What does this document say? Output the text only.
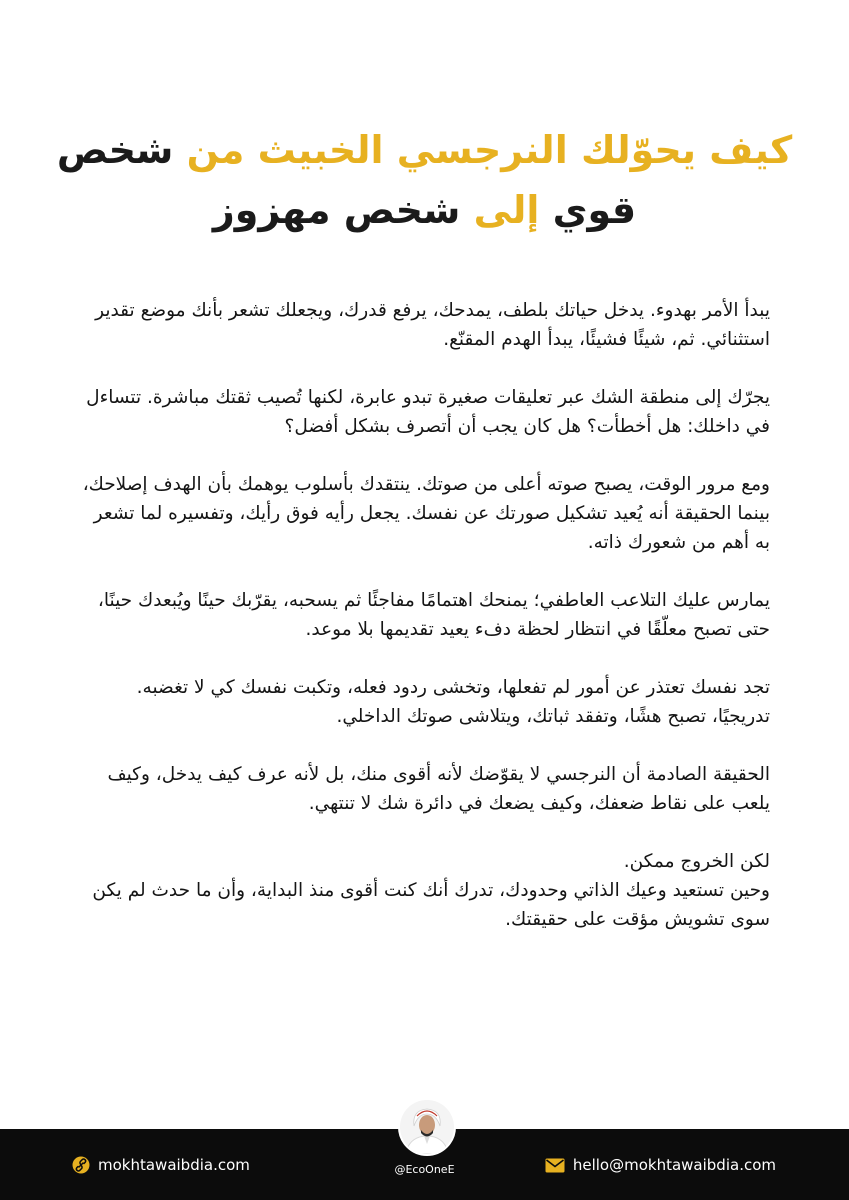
كيف يحوّلك النرجسي الخبيث من شخص
قوي إلى شخص مهزوز

يبدأ الأمر بهدوء. يدخل حياتك بلطف، يمدحك، يرفع قدرك، ويجعلك تشعر بأنك موضع تقدير استثنائي. ثم، شيئًا فشيئًا، يبدأ الهدم المقنّع.

يجرّك إلى منطقة الشك عبر تعليقات صغيرة تبدو عابرة، لكنها تُصيب ثقتك مباشرة. تتساءل في داخلك: هل أخطأت؟ هل كان يجب أن أتصرف بشكل أفضل؟

ومع مرور الوقت، يصبح صوته أعلى من صوتك. ينتقدك بأسلوب يوهمك بأن الهدف إصلاحك، بينما الحقيقة أنه يُعيد تشكيل صورتك عن نفسك. يجعل رأيه فوق رأيك، وتفسيره لما تشعر به أهم من شعورك ذاته.

يمارس عليك التلاعب العاطفي؛ يمنحك اهتمامًا مفاجئًا ثم يسحبه، يقرّبك حينًا ويُبعدك حينًا، حتى تصبح معلّقًا في انتظار لحظة دفء يعيد تقديمها بلا موعد.

تجد نفسك تعتذر عن أمور لم تفعلها، وتخشى ردود فعله، وتكبت نفسك كي لا تغضبه. تدريجيًا، تصبح هشًا، وتفقد ثباتك، ويتلاشى صوتك الداخلي.

الحقيقة الصادمة أن النرجسي لا يقوّضك لأنه أقوى منك، بل لأنه عرف كيف يدخل، وكيف يلعب على نقاط ضعفك، وكيف يضعك في دائرة شك لا تنتهي.

لكن الخروج ممكن.
وحين تستعيد وعيك الذاتي وحدودك، تدرك أنك كنت أقوى منذ البداية، وأن ما حدث لم يكن سوى تشويش مؤقت على حقيقتك.

mokhtawaibdia.com	hello@mokhtawaibdia.com
@EcoOneE
